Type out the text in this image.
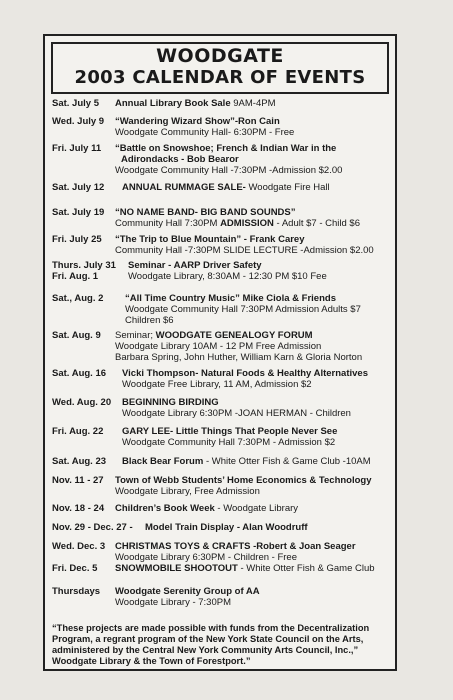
WOODGATE
2003 CALENDAR OF EVENTS
Sat. July 5 Annual Library Book Sale 9AM-4PM
Wed. July 9 “Wandering Wizard Show”-Ron Cain
Woodgate Community Hall- 6:30PM - Free
Fri. July 11 “Battle on Snowshoe; French & Indian War in the
Adirondacks - Bob Bearor
Woodgate Community Hall -7:30PM -Admission $2.00
Sat. July 12 ANNUAL RUMMAGE SALE- Woodgate Fire Hall
Sat. July 19 “NO NAME BAND- BIG BAND SOUNDS”
Community Hall 7:30PM ADMISSION - Adult $7 - Child $6
Fri. July 25 “The Trip to Blue Mountain” - Frank Carey
Community Hall -7:30PM SLIDE LECTURE -Admission $2.00
Thurs. July 31
Fri. Aug. 1
Seminar - AARP Driver Safety
Woodgate Library, 8:30AM - 12:30 PM $10 Fee
Sat., Aug. 2 “All Time Country Music” Mike Ciola & Friends
Woodgate Community Hall 7:30PM Admission Adults $7
Children $6
Sat. Aug. 9 Seminar; WOODGATE GENEALOGY FORUM
Woodgate Library 10AM - 12 PM Free Admission
Barbara Spring, John Huther, William Karn & Gloria Norton
Sat. Aug. 16 Vicki Thompson- Natural Foods & Healthy Alternatives
Woodgate Free Library, 11 AM, Admission $2
Wed. Aug. 20 BEGINNING BIRDING
Woodgate Library 6:30PM -JOAN HERMAN - Children
Fri. Aug. 22 GARY LEE- Little Things That People Never See
Woodgate Community Hall 7:30PM - Admission $2
Sat. Aug. 23 Black Bear Forum - White Otter Fish & Game Club -10AM
Nov. 11 - 27 Town of Webb Students’ Home Economics & Technology
Woodgate Library, Free Admission
Nov. 18 - 24 Children’s Book Week - Woodgate Library
Nov. 29 - Dec. 27 - Model Train Display - Alan Woodruff
Wed. Dec. 3 CHRISTMAS TOYS & CRAFTS -Robert & Joan Seager
Woodgate Library 6:30PM - Children - Free
Fri. Dec. 5 SNOWMOBILE SHOOTOUT - White Otter Fish & Game Club
Thursdays Woodgate Serenity Group of AA
Woodgate Library - 7:30PM
“These projects are made possible with funds from the Decentralization Program, a regrant program of the New York State Council on the Arts, administered by the Central New York Community Arts Council, Inc.,” Woodgate Library & the Town of Forestport.”
